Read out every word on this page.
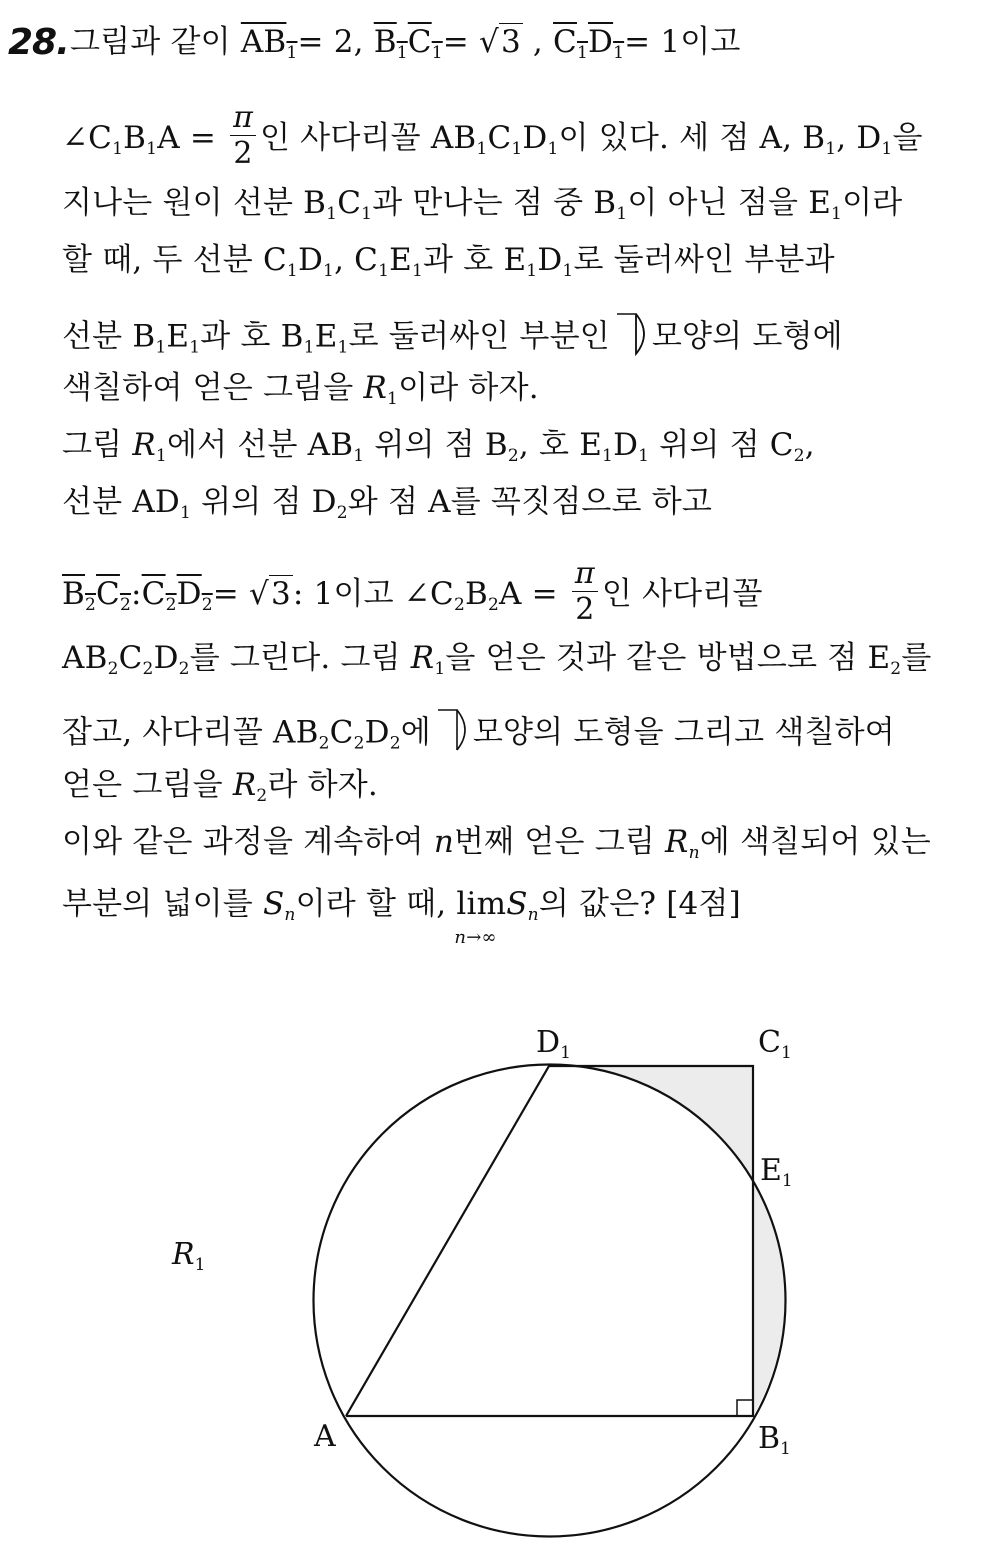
28. 그림과 같이 $AB_1= 2$, $B_1C_1= √3$ , $C_1D_1= 1$이고
$\angle C_1B_1A = \frac{\pi}{2}$ 인 사다리꼴 $AB_1C_1D_1$이 있다. 세 점 A, $B_1$, $D_1$을
지나는 원이 선분 $B_1C_1$과 만나는 점 중 $B_1$이 아닌 점을 $E_1$이라
할 때, 두 선분 $C_1D_1$, $C_1E_1$과 호 $E_1D_1$로 둘러싸인 부분과
선분 $B_1E_1$과 호 $B_1E_1$로 둘러싸인 부분인 모양의 도형에
색칠하여 얻은 그림을 $R_1$이라 하자.
그림 $R_1$에서 선분 $AB_1$ 위의 점 $B_2$, 호 $E_1D_1$ 위의 점 $C_2$,
선분 $AD_1$ 위의 점 $D_2$와 점 A를 꼭짓점으로 하고
$B_2C_2:C_2D_2= √3$: 1이고 $\angle C_2B_2A = \frac{\pi}{2}$ 인 사다리꼴
$AB_2C_2D_2$를 그린다. 그림 $R_1$을 얻은 것과 같은 방법으로 점 $E_2$를
잡고, 사다리꼴 $AB_2C_2D_2$에 모양의 도형을 그리고 색칠하여
얻은 그림을 $R_2$라 하자.
이와 같은 과정을 계속하여 n번째 얻은 그림 $R_n$에 색칠되어 있는
부분의 넓이를 $S_n$이라 할 때, lim
n→∞
$S_n$의 값은? [4점]
$D_1$	$C_1$
$E_1$
A	$B_1$
$R_1$
